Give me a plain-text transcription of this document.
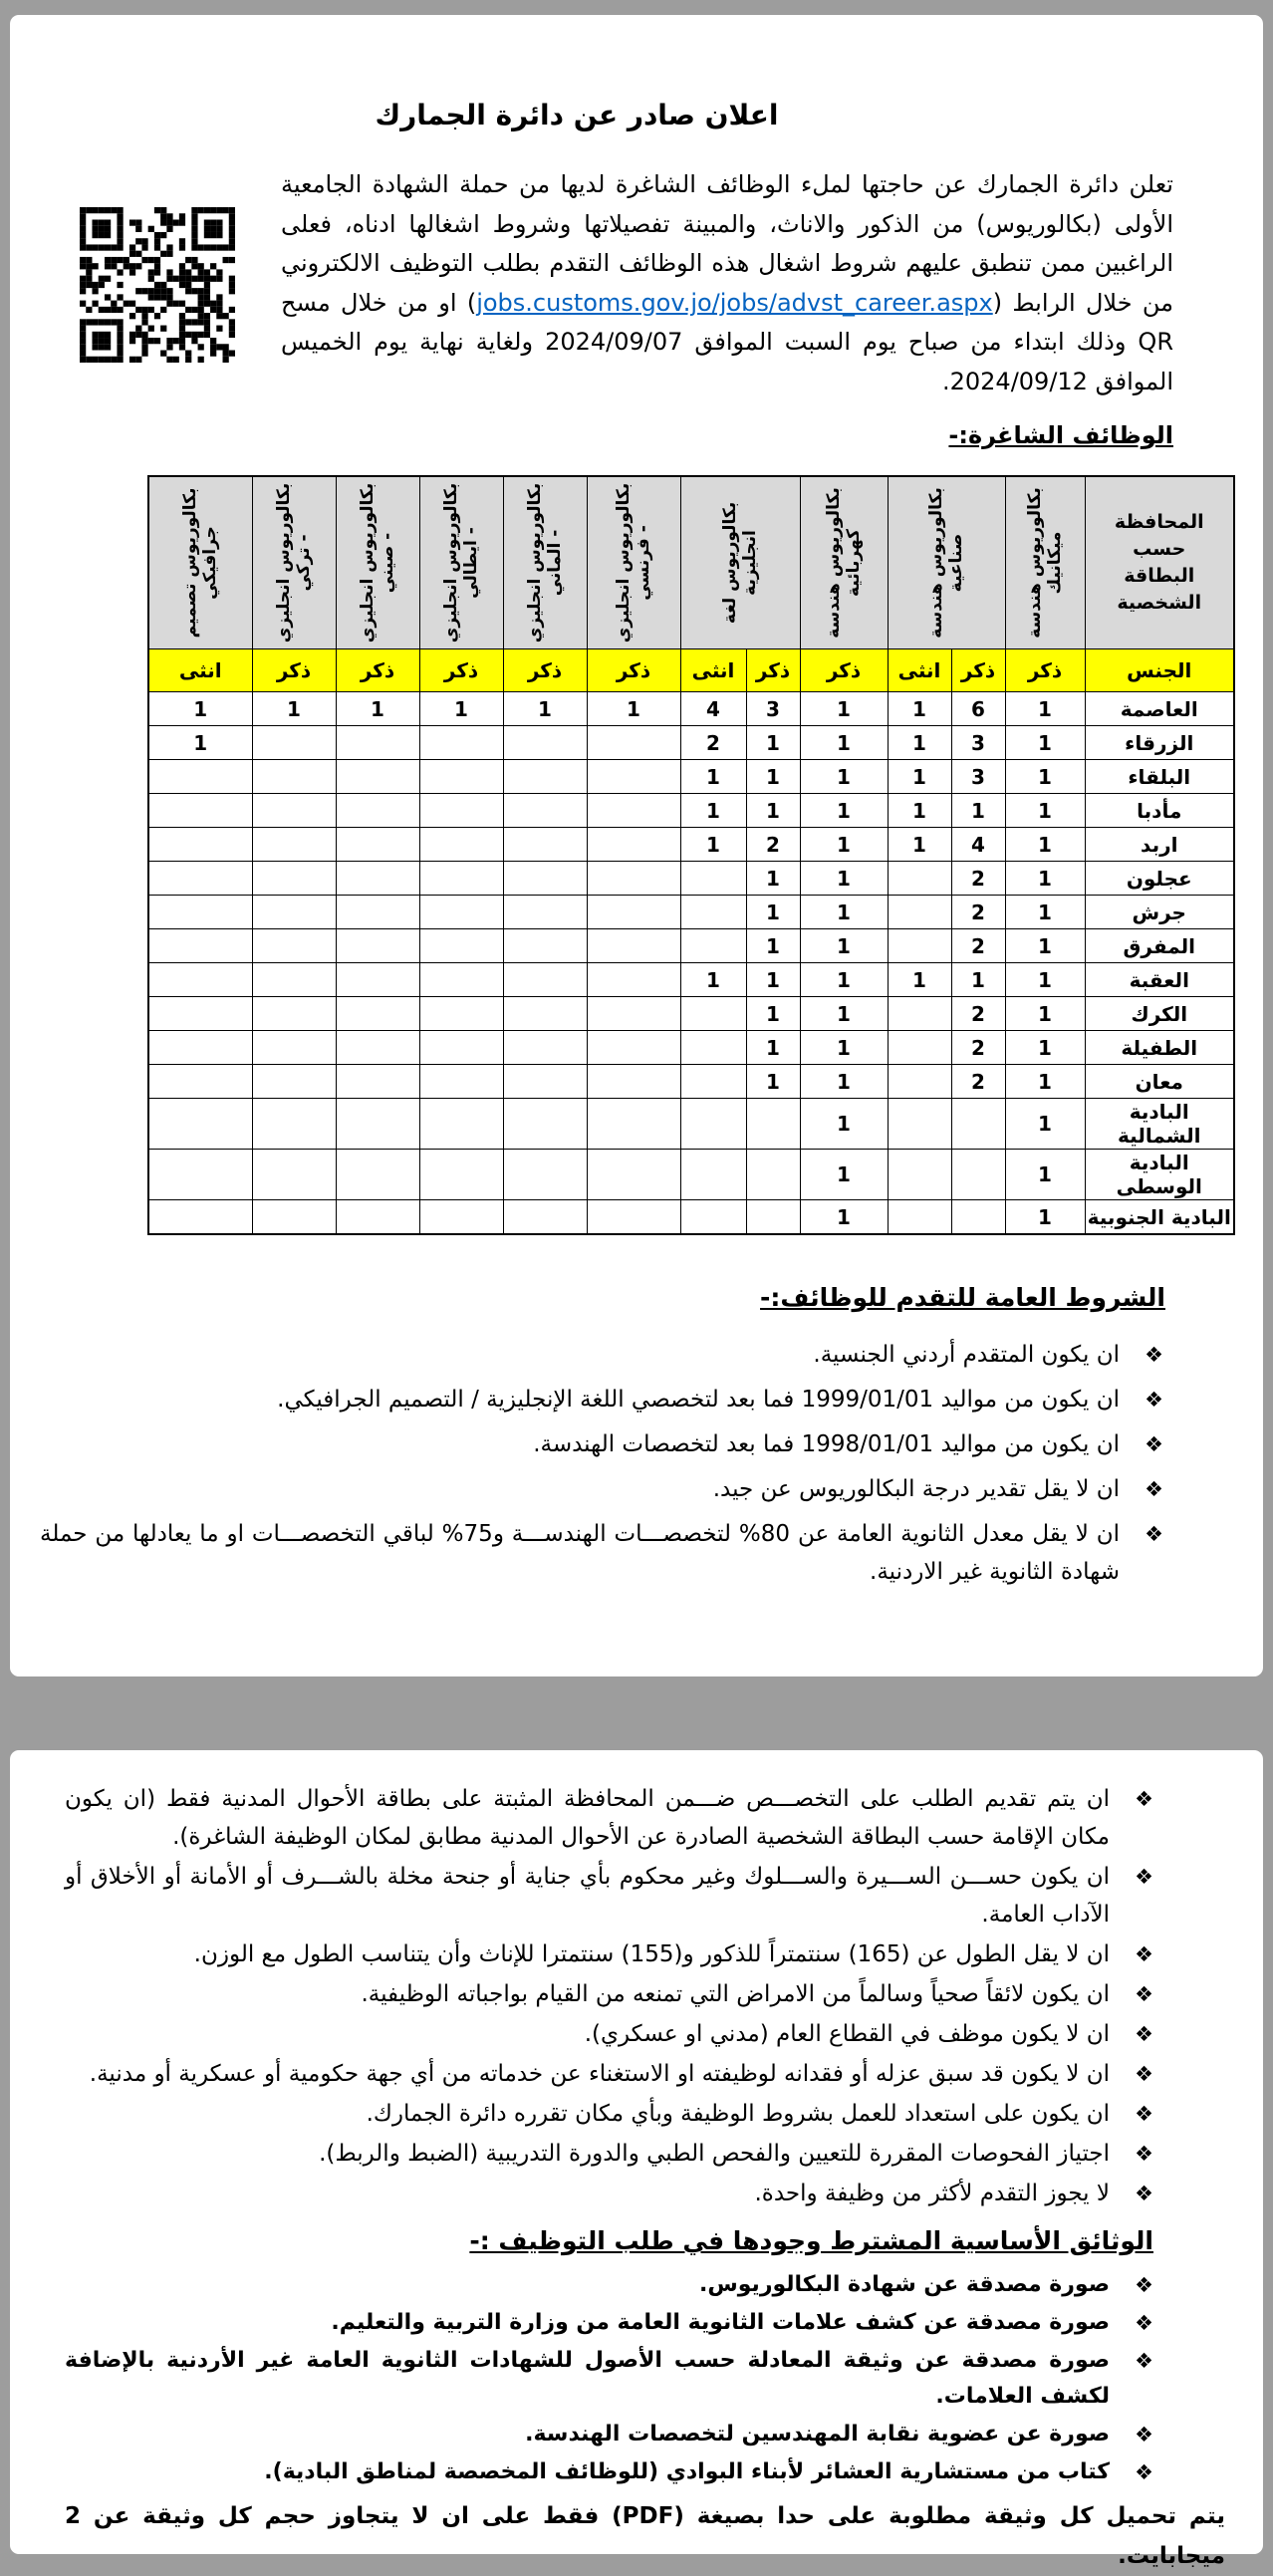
اعلان صادر عن دائرة الجمارك
تعلن دائرة الجمارك عن حاجتها لملء الوظائف الشاغرة لديها من حملة الشهادة الجامعية الأولى (بكالوريوس) من الذكور والاناث، والمبينة تفصيلاتها وشروط اشغالها ادناه، فعلى الراغبين ممن تنطبق عليهم شروط اشغال هذه الوظائف التقدم بطلب التوظيف الالكتروني من خلال الرابط (jobs.customs.gov.jo/jobs/advst_career.aspx) او من خلال مسح QR وذلك ابتداء من صباح يوم السبت الموافق 2024/09/07 ولغاية نهاية يوم الخميس الموافق 2024/09/12.
الوظائف الشاغرة:-
المحافظة حسب البطاقة الشخصية	بكالوريوس هندسة ميكانيك	بكالوريوس هندسة صناعية		بكالوريوس هندسة كهربائية	بكالوريوس لغة انجليزية		بكالوريوس انجليزي - فرنسي	بكالوريوس انجليزي - الماني	بكالوريوس انجليزي - ايطالي	بكالوريوس انجليزي - صيني	بكالوريوس انجليزي - تركي	بكالوريوس تصميم جرافيكي

الجنس	ذكر	ذكر	انثى	ذكر	ذكر	انثى	ذكر	ذكر	ذكر	ذكر	ذكر	انثى
العاصمة	1	6	1	1	3	4	1	1	1	1	1	1
الزرقاء	1	3	1	1	1	2						1
البلقاء	1	3	1	1	1	1						
مأدبا	1	1	1	1	1	1						
اربد	1	4	1	1	2	1						
عجلون	1	2		1	1							
جرش	1	2		1	1							
المفرق	1	2		1	1							
العقبة	1	1	1	1	1	1						
الكرك	1	2		1	1							
الطفيلة	1	2		1	1							
معان	1	2		1	1							
البادية الشمالية	1			1								
البادية الوسطى	1			1								
البادية الجنوبية	1			1								
الشروط العامة للتقدم للوظائف:-
❖
ان يكون المتقدم أردني الجنسية.
❖
ان يكون من مواليد 1999/01/01 فما بعد لتخصصي اللغة الإنجليزية / التصميم الجرافيكي.
❖
ان يكون من مواليد 1998/01/01 فما بعد لتخصصات الهندسة.
❖
ان لا يقل تقدير درجة البكالوريوس عن جيد.
❖
ان لا يقل معدل الثانوية العامة عن 80% لتخصصـــات الهندســـة و75% لباقي التخصصـــات او ما يعادلها من حملة شهادة الثانوية غير الاردنية.
❖
ان يتم تقديم الطلب على التخصـــص ضـــمن المحافظة المثبتة على بطاقة الأحوال المدنية فقط (ان يكون مكان الإقامة حسب البطاقة الشخصية الصادرة عن الأحوال المدنية مطابق لمكان الوظيفة الشاغرة).
❖
ان يكون حســـن الســـيرة والســـلوك وغير محكوم بأي جناية أو جنحة مخلة بالشـــرف أو الأمانة أو الأخلاق أو الآداب العامة.
❖
ان لا يقل الطول عن (165) سنتمتراً للذكور و(155) سنتمترا للإناث وأن يتناسب الطول مع الوزن.
❖
ان يكون لائقاً صحياً وسالماً من الامراض التي تمنعه من القيام بواجباته الوظيفية.
❖
ان لا يكون موظف في القطاع العام (مدني او عسكري).
❖
ان لا يكون قد سبق عزله أو فقدانه لوظيفته او الاستغناء عن خدماته من أي جهة حكومية أو عسكرية أو مدنية.
❖
ان يكون على استعداد للعمل بشروط الوظيفة وبأي مكان تقرره دائرة الجمارك.
❖
اجتياز الفحوصات المقررة للتعيين والفحص الطبي والدورة التدريبية (الضبط والربط).
❖
لا يجوز التقدم لأكثر من وظيفة واحدة.
الوثائق الأساسية المشترط وجودها في طلب التوظيف :-
❖
صورة مصدقة عن شهادة البكالوريوس.
❖
صورة مصدقة عن كشف علامات الثانوية العامة من وزارة التربية والتعليم.
❖
صورة مصدقة عن وثيقة المعادلة حسب الأصول للشهادات الثانوية العامة غير الأردنية بالإضافة لكشف العلامات.
❖
صورة عن عضوية نقابة المهندسين لتخصصات الهندسة.
❖
كتاب من مستشارية العشائر لأبناء البوادي (للوظائف المخصصة لمناطق البادية).

يتم تحميل كل وثيقة مطلوبة على حدا بصيغة (PDF) فقط على ان لا يتجاوز حجم كل وثيقة عن 2 ميجابايت.
